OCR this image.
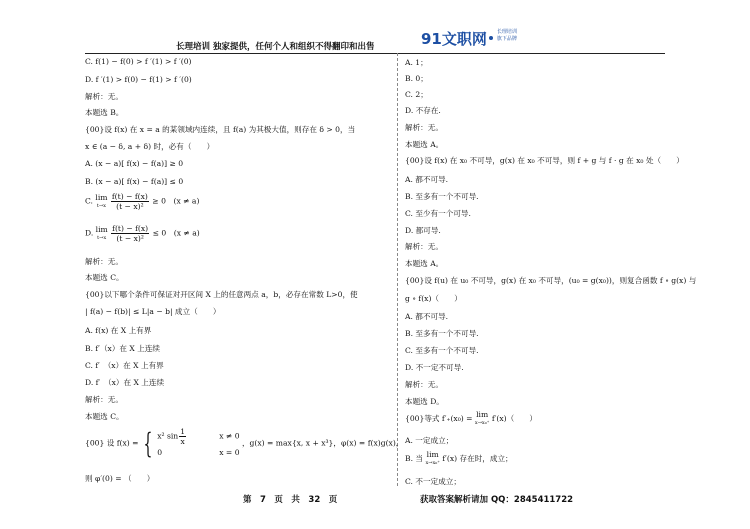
长理培训 独家提供，任何个人和组织不得翻印和出售	91文职网 长理培训
旗下品牌
C. f(1) − f(0) > f ′(1) > f ′(0)
D. f ′(1) > f(0) − f(1) > f ′(0)
解析：无。
本题选 B。
{00}设 f(x) 在 x = a 的某领域内连续，且 f(a) 为其极大值，则存在 δ > 0，当
x ∈ (a − δ, a + δ) 时，必有（　　）
A. (x − a)[ f(x) − f(a)] ≥ 0
B. (x − a)[ f(x) − f(a)] ≤ 0
C. lim
t→x
$\frac{f(t) - f(x)}{\text{(t − x)²}} \ge 0$　(x ≠ a)
D. lim
t→x
$\frac{f(t) - f(x)}{\text{(t − x)²}} \le 0$　(x ≠ a)
解析：无。
本题选 C。
{00}以下哪个条件可保证对开区间 X 上的任意两点 a，b，必存在常数 L>0，使
| f(a) − f(b)| ≤ L|a − b| 成立（　　）
A. f(x) 在 X 上有界
B. f′（x）在 X 上连续
C. f′　（x）在 X 上有界
D. f′　（x）在 X 上连续
解析：无。
本题选 C。
{00} 设 f(x) = { x² $\sin \frac{1}{x}$	x ≠ 0
0	x = 0 ，g(x) = max{x, x + x³}，φ(x) = f(x)g(x)，
则 φ′(0) = （　　）
A. 1；
B. 0；
C. 2；
D. 不存在.
解析：无。
本题选 A。
{00}设 f(x) 在 x₀ 不可导，g(x) 在 x₀ 不可导，则 f + g 与 f · g 在 x₀ 处（　　）
A. 都不可导.
B. 至多有一个不可导.
C. 至少有一个可导.
D. 都可导.
解析：无。
本题选 A。
{00}设 f(u) 在 u₀ 不可导，g(x) 在 x₀ 不可导，(u₀ = g(x₀))，则复合函数 f ∘ g(x) 与
g ∘ f(x)（　　）
A. 都不可导.
B. 至多有一个不可导.
C. 至多有一个不可导.
D. 不一定不可导.
解析：无。
本题选 D。
{00}等式 f′₊(x₀) = lim
x→x₀⁺ f′(x)（　　）
A. 一定成立；
B. 当 lim
x→x₀⁺ f′(x) 存在时，成立；
C. 不一定成立；
第　7　页　共　32　页	获取答案解析请加 QQ：2845411722
